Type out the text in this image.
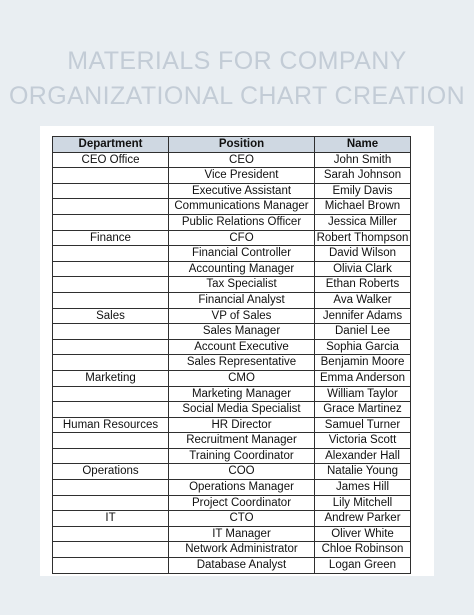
MATERIALS FOR COMPANY
ORGANIZATIONAL CHART CREATION
Department	Position	Name
CEO Office	CEO	John Smith
	Vice President	Sarah Johnson
	Executive Assistant	Emily Davis
	Communications Manager	Michael Brown
	Public Relations Officer	Jessica Miller
Finance	CFO	Robert Thompson
	Financial Controller	David Wilson
	Accounting Manager	Olivia Clark
	Tax Specialist	Ethan Roberts
	Financial Analyst	Ava Walker
Sales	VP of Sales	Jennifer Adams
	Sales Manager	Daniel Lee
	Account Executive	Sophia Garcia
	Sales Representative	Benjamin Moore
Marketing	CMO	Emma Anderson
	Marketing Manager	William Taylor
	Social Media Specialist	Grace Martinez
Human Resources	HR Director	Samuel Turner
	Recruitment Manager	Victoria Scott
	Training Coordinator	Alexander Hall
Operations	COO	Natalie Young
	Operations Manager	James Hill
	Project Coordinator	Lily Mitchell
IT	CTO	Andrew Parker
	IT Manager	Oliver White
	Network Administrator	Chloe Robinson
	Database Analyst	Logan Green
